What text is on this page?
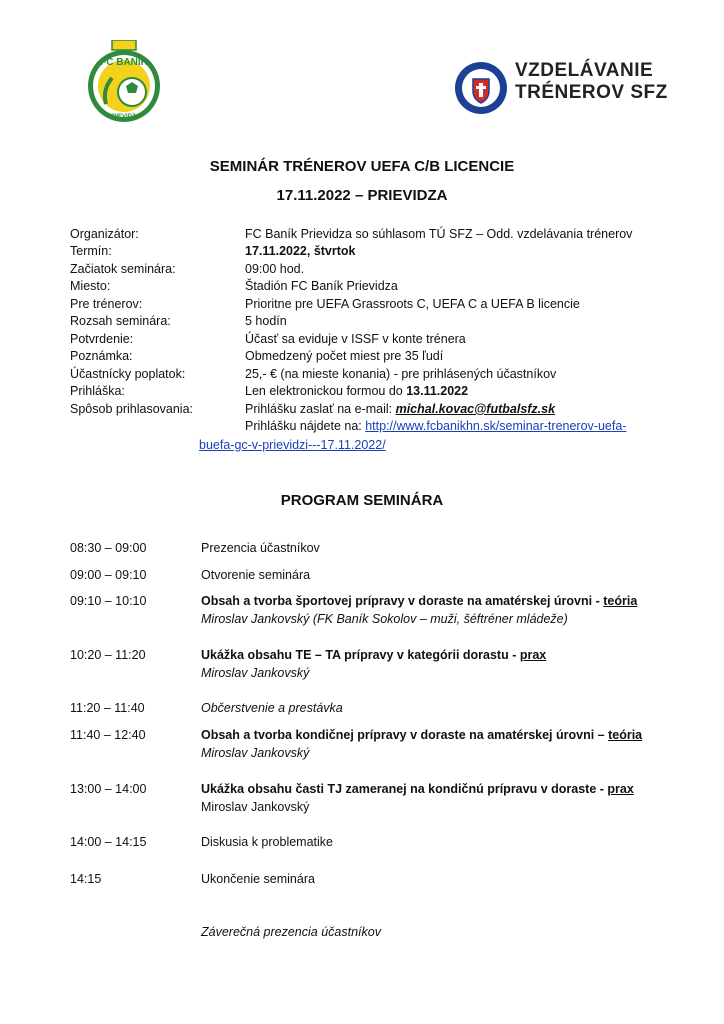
FC BANÍK
PRIEVIDZA
VZDELÁVANIE
TRÉNEROV SFZ
SEMINÁR TRÉNEROV UEFA C/B LICENCIE
17.11.2022 – PRIEVIDZA
Organizátor:	FC Baník Prievidza so súhlasom TÚ SFZ – Odd. vzdelávania trénerov
Termín:	17.11.2022, štvrtok
Začiatok seminára:	09:00 hod.
Miesto:	Štadión FC Baník Prievidza
Pre trénerov:	Prioritne pre UEFA Grassroots C, UEFA C a UEFA B licencie
Rozsah seminára:	5 hodín
Potvrdenie:	Účasť sa eviduje v ISSF v konte trénera
Poznámka:	Obmedzený počet miest pre 35 ľudí
Účastnícky poplatok:	25,- € (na mieste konania) - pre prihlásených účastníkov
Prihláška:	Len elektronickou formou do 13.11.2022
Spôsob prihlasovania:	Prihlášku zaslať na e-mail: michal.kovac@futbalsfz.sk
Prihlášku nájdete na: http://www.fcbanikhn.sk/seminar-trenerov-uefa-
buefa-gc-v-prievidzi---17.11.2022/
PROGRAM SEMINÁRA
08:30 – 09:00	Prezencia účastníkov
09:00 – 09:10	Otvorenie seminára
09:10 – 10:10	Obsah a tvorba športovej prípravy v doraste na amatérskej úrovni - teória
Miroslav Jankovský (FK Baník Sokolov – muži, šéftréner mládeže)
10:20 – 11:20	Ukážka obsahu TE – TA prípravy v kategórii dorastu - prax
Miroslav Jankovský
11:20 – 11:40	Občerstvenie a prestávka
11:40 – 12:40	Obsah a tvorba kondičnej prípravy v doraste na amatérskej úrovni – teória
Miroslav Jankovský
13:00 – 14:00	Ukážka obsahu časti TJ zameranej na kondičnú prípravu v doraste - prax
Miroslav Jankovský
14:00 – 14:15	Diskusia k problematike
14:15	Ukončenie seminára
Záverečná prezencia účastníkov
